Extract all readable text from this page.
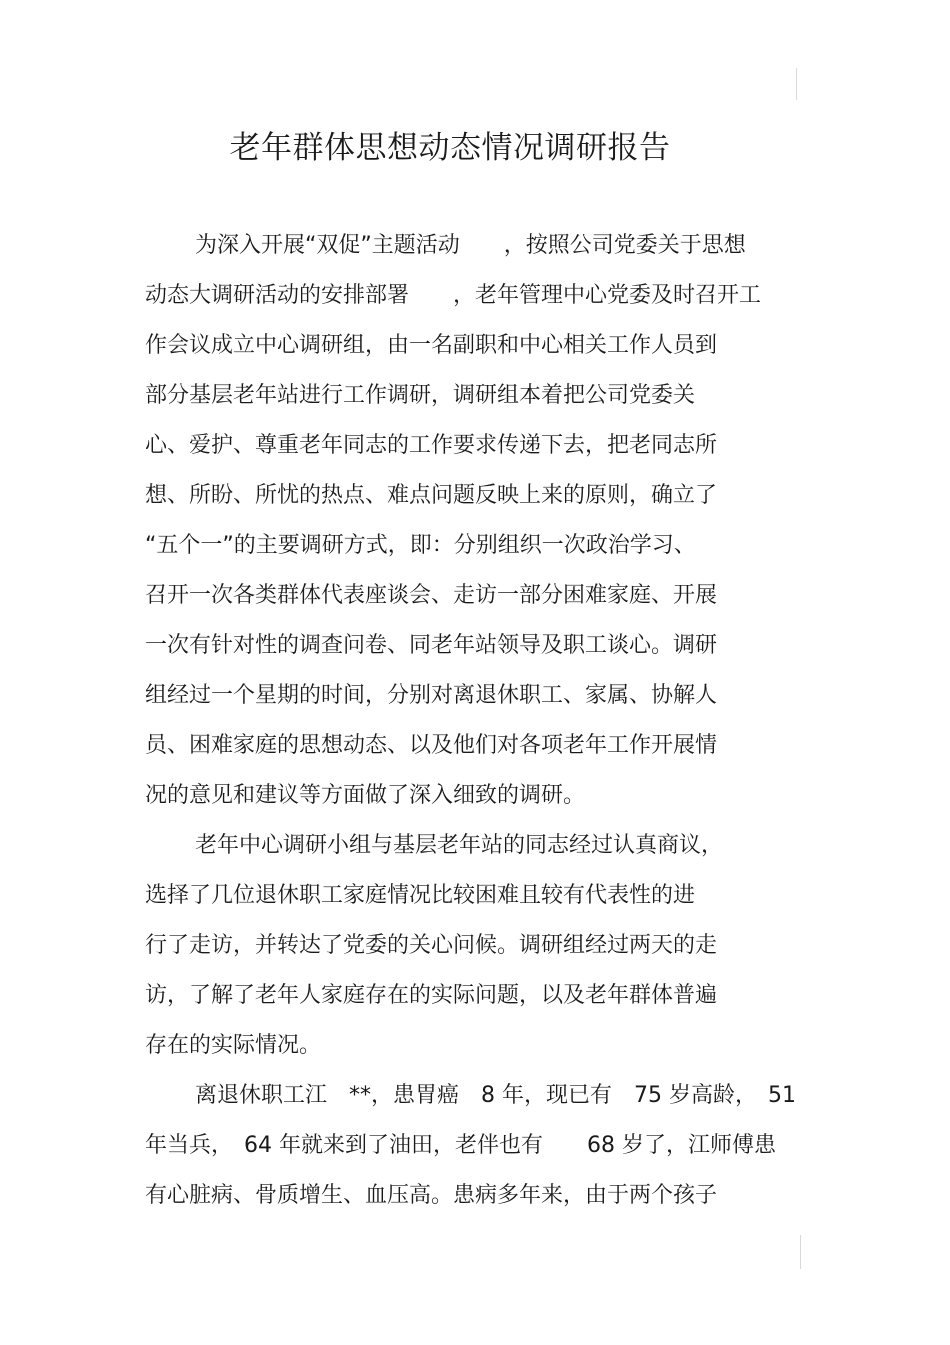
老年群体思想动态情况调研报告
为深入开展“双促”主题活动　　，按照公司党委关于思想
动态大调研活动的安排部署　　，老年管理中心党委及时召开工
作会议成立中心调研组，由一名副职和中心相关工作人员到
部分基层老年站进行工作调研，调研组本着把公司党委关
心、爱护、尊重老年同志的工作要求传递下去，把老同志所
想、所盼、所忧的热点、难点问题反映上来的原则，确立了
“五个一”的主要调研方式，即：分别组织一次政治学习、
召开一次各类群体代表座谈会、走访一部分困难家庭、开展
一次有针对性的调查问卷、同老年站领导及职工谈心。调研
组经过一个星期的时间，分别对离退休职工、家属、协解人
员、困难家庭的思想动态、以及他们对各项老年工作开展情
况的意见和建议等方面做了深入细致的调研。
老年中心调研小组与基层老年站的同志经过认真商议，
选择了几位退休职工家庭情况比较困难且较有代表性的进
行了走访，并转达了党委的关心问候。调研组经过两天的走
访，了解了老年人家庭存在的实际问题，以及老年群体普遍
存在的实际情况。
离退休职工江　**，患胃癌　8 年，现已有　75 岁高龄，　51
年当兵，　64 年就来到了油田，老伴也有　　68 岁了，江师傅患
有心脏病、骨质增生、血压高。患病多年来，由于两个孩子
